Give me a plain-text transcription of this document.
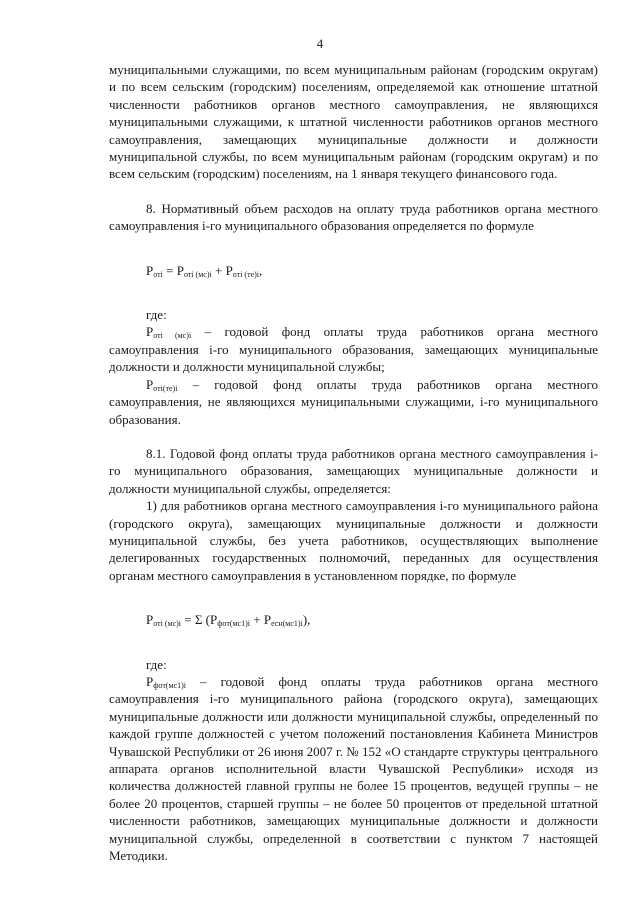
4

муниципальными служащими, по всем муниципальным районам (городским округам) и по всем сельским (городским) поселениям, определяемой как отношение штатной численности работников органов местного самоуправления, не являющихся муниципальными служащими, к штатной численности работников органов местного самоуправления, замещающих муниципальные должности и должности муниципальной службы, по всем муниципальным районам (городским округам) и по всем сельским (городским) поселениям, на 1 января текущего финансового года.

8. Нормативный объем расходов на оплату труда работников органа местного самоуправления i-го муниципального образования определяется по формуле

$P_{отi} = P_{отi (мс)i} + P_{отi (те)i}$,

где:

$P_{отi (мс)i}$ – годовой фонд оплаты труда работников органа местного самоуправления i-го муниципального образования, замещающих муниципальные должности и должности муниципальной службы;

$P_{отi(те)i}$ – годовой фонд оплаты труда работников органа местного самоуправления, не являющихся муниципальными служащими, i-го муниципального образования.

8.1. Годовой фонд оплаты труда работников органа местного самоуправления i-го муниципального образования, замещающих муниципальные должности и должности муниципальной службы, определяется:

1) для работников органа местного самоуправления i-го муниципального района (городского округа), замещающих муниципальные должности и должности муниципальной службы, без учета работников, осуществляющих выполнение делегированных государственных полномочий, переданных для осуществления органам местного самоуправления в установленном порядке, по формуле

$P_{отi (мс)i} = \Sigma$ $(P_{фот(мс1)i} + P_{есн(мс1)i})$,

где:

$P_{фот(мс1)i}$ – годовой фонд оплаты труда работников органа местного самоуправления i-го муниципального района (городского округа), замещающих муниципальные должности или должности муниципальной службы, определенный по каждой группе должностей с учетом положений постановления Кабинета Министров Чувашской Республики от 26 июня 2007 г. № 152 «О стандарте структуры центрального аппарата органов исполнительной власти Чувашской Республики» исходя из количества должностей главной группы не более 15 процентов, ведущей группы – не более 20 процентов, старшей группы – не более 50 процентов от предельной штатной численности работников, замещающих муниципальные должности и должности муниципальной службы, определенной в соответствии с пунктом 7 настоящей Методики.
